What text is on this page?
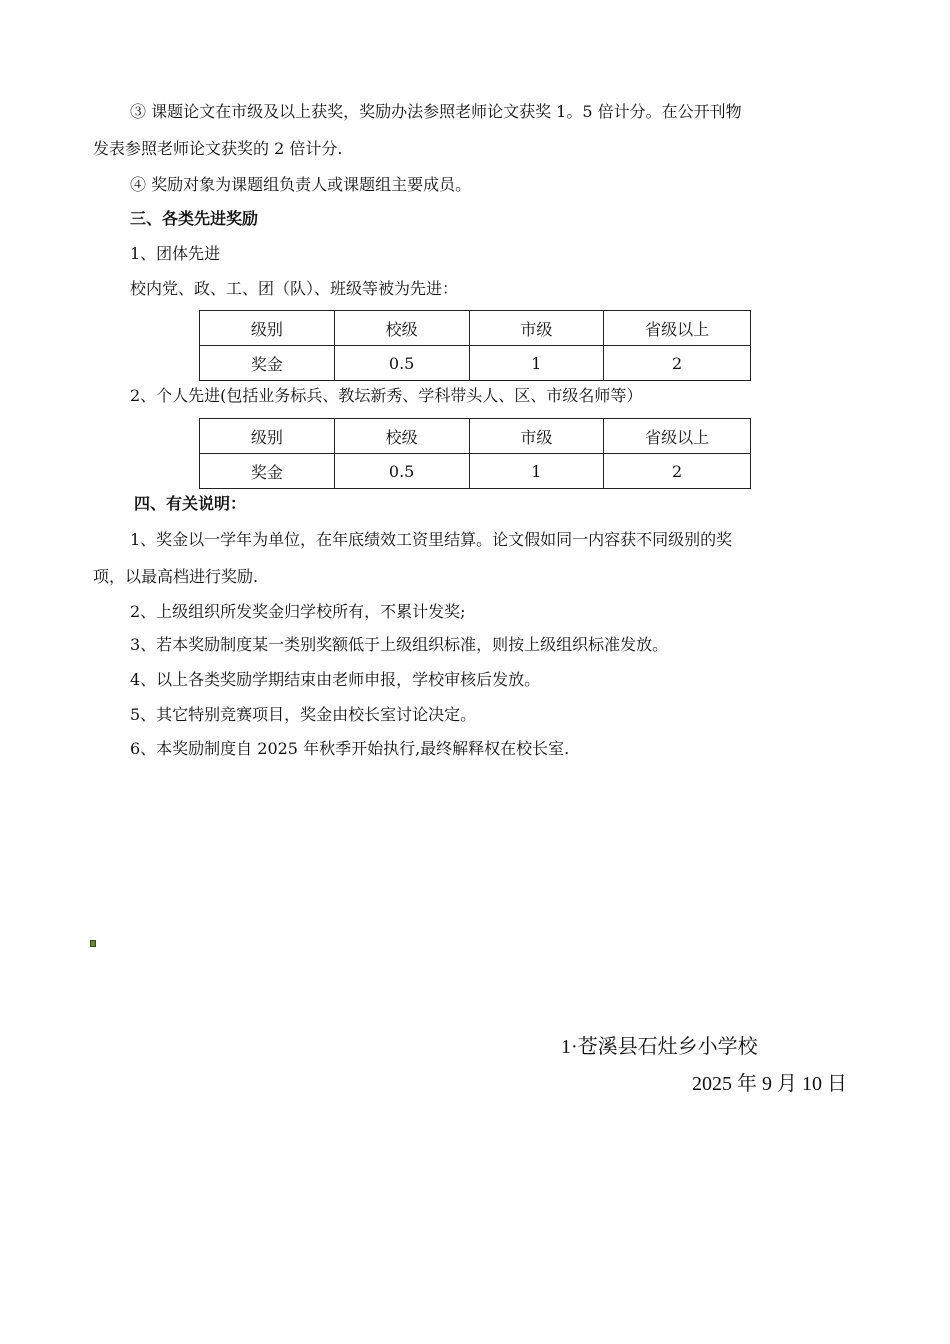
③ 课题论文在市级及以上获奖，奖励办法参照老师论文获奖 1。5 倍计分。在公开刊物
发表参照老师论文获奖的 2 倍计分.
④ 奖励对象为课题组负责人或课题组主要成员。
三、各类先进奖励
1、团体先进
校内党、政、工、团（队）、班级等被为先进：
级别	校级	市级	省级以上
奖金	0.5	1	2
2、个人先进(包括业务标兵、教坛新秀、学科带头人、区、市级名师等）
级别	校级	市级	省级以上
奖金	0.5	1	2
四、有关说明：
1、奖金以一学年为单位，在年底绩效工资里结算。论文假如同一内容获不同级别的奖
项，以最高档进行奖励.
2、上级组织所发奖金归学校所有，不累计发奖;
3、若本奖励制度某一类别奖额低于上级组织标准，则按上级组织标准发放。
4、以上各类奖励学期结束由老师申报，学校审核后发放。
5、其它特别竞赛项目，奖金由校长室讨论决定。
6、本奖励制度自 2025 年秋季开始执行,最终解释权在校长室.
1·苍溪县石灶乡小学校
2025 年 9 月 10 日
